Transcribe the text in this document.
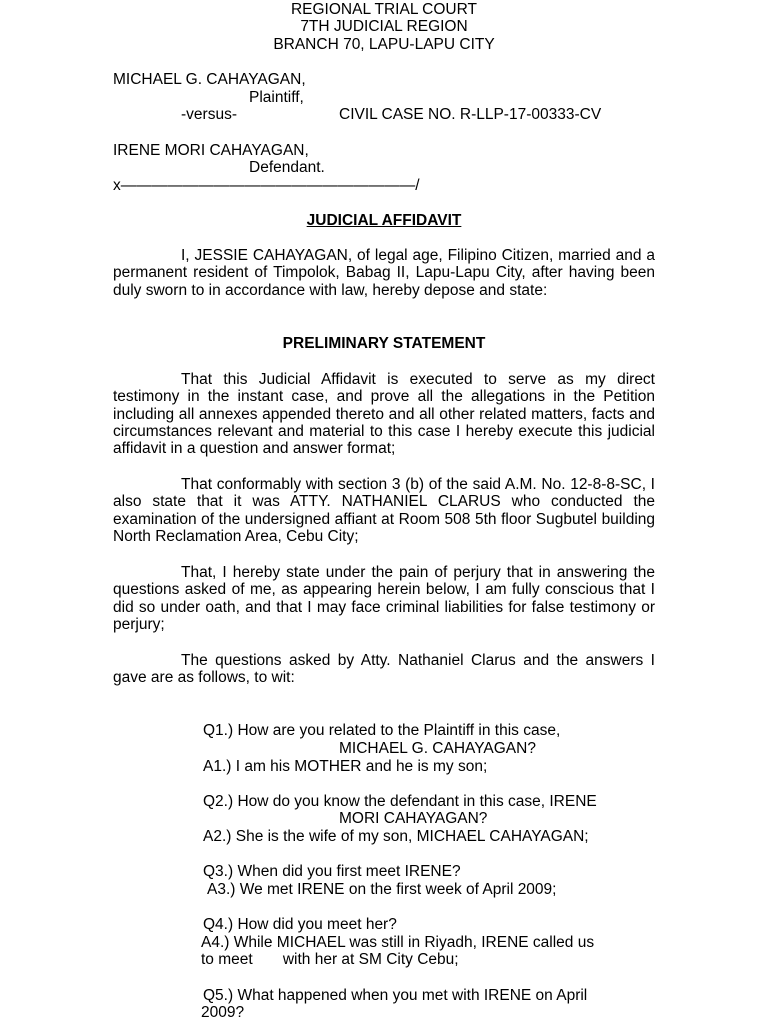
REGIONAL TRIAL COURT
7TH JUDICIAL REGION
BRANCH 70, LAPU-LAPU CITY
MICHAEL G. CAHAYAGAN,
Plaintiff,
-versus-	CIVIL CASE NO. R-LLP-17-00333-CV
IRENE MORI CAHAYAGAN,
Defendant.
x———————————————————/
JUDICIAL AFFIDAVIT
I, JESSIE CAHAYAGAN, of legal age, Filipino Citizen, married and a permanent resident of Timpolok, Babag II, Lapu-Lapu City, after having been duly sworn to in accordance with law, hereby depose and state:
PRELIMINARY STATEMENT
That this Judicial Affidavit is executed to serve as my direct testimony in the instant case, and prove all the allegations in the Petition including all annexes appended thereto and all other related matters, facts and circumstances relevant and material to this case I hereby execute this judicial affidavit in a question and answer format;
That conformably with section 3 (b) of the said A.M. No. 12-8-8-SC, I also state that it was ATTY. NATHANIEL CLARUS who conducted the examination of the undersigned affiant at Room 508 5th floor Sugbutel building North Reclamation Area, Cebu City;
That, I hereby state under the pain of perjury that in answering the questions asked of me, as appearing herein below, I am fully conscious that I did so under oath, and that I may face criminal liabilities for false testimony or perjury;
The questions asked by Atty. Nathaniel Clarus and the answers I gave are as follows, to wit:
Q1.) How are you related to the Plaintiff in this case,
MICHAEL G. CAHAYAGAN?
A1.) I am his MOTHER and he is my son;
Q2.) How do you know the defendant in this case, IRENE
MORI CAHAYAGAN?
A2.) She is the wife of my son, MICHAEL CAHAYAGAN;
Q3.) When did you first meet IRENE?
A3.) We met IRENE on the first week of April 2009;
Q4.) How did you meet her?
A4.) While MICHAEL was still in Riyadh, IRENE called us
to meet       with her at SM City Cebu;
Q5.) What happened when you met with IRENE on April
2009?
